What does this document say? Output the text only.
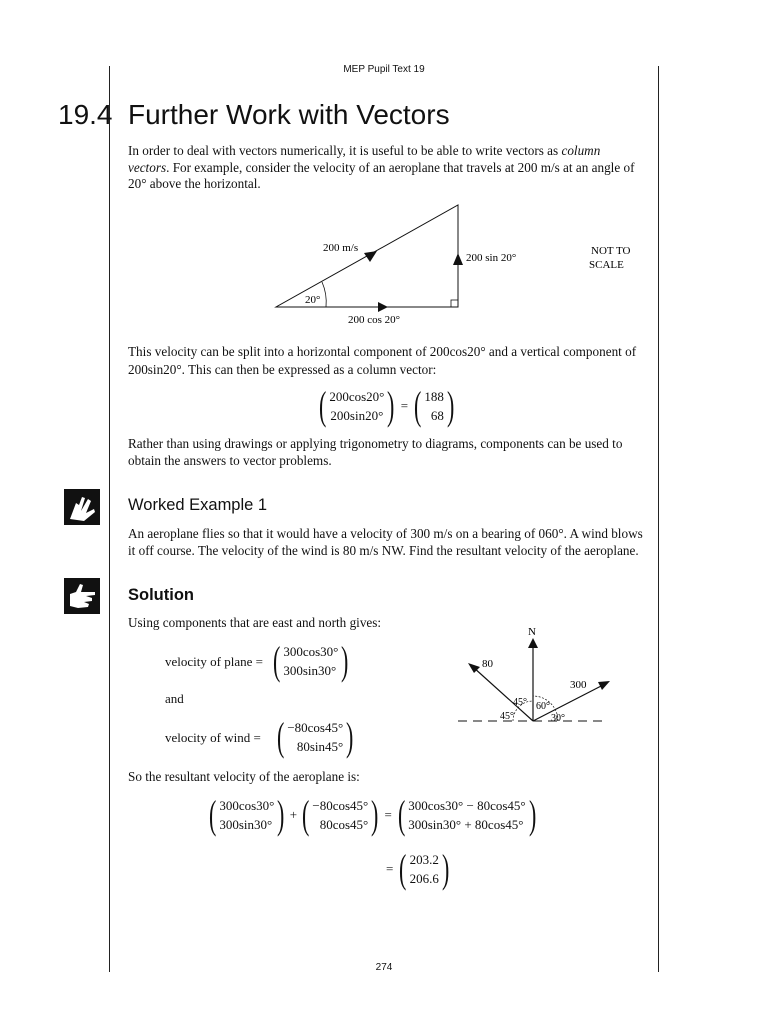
MEP Pupil Text 19
19.4 Further Work with Vectors
In order to deal with vectors numerically, it is useful to be able to write vectors as column vectors. For example, consider the velocity of an aeroplane that travels at 200 m/s at an angle of 20° above the horizontal.
200 m/s
200 sin 20°
200 cos 20°
20°
NOT TO
SCALE
This velocity can be split into a horizontal component of 200cos20° and a vertical component of 200sin20°. This can then be expressed as a column vector:
( 200cos20°
200sin20° ) = ( 188
68 )
Rather than using drawings or applying trigonometry to diagrams, components can be used to obtain the answers to vector problems.
Worked Example 1
An aeroplane flies so that it would have a velocity of 300 m/s on a bearing of 060°. A wind blows it off course. The velocity of the wind is 80 m/s NW. Find the resultant velocity of the aeroplane.
Solution
Using components that are east and north gives:
velocity of plane = ( 300cos30°
300sin30° )
and
velocity of wind = ( −80cos45°
80sin45° )
N
80
300
45°
45°
60°
30°
So the resultant velocity of the aeroplane is:
( 300cos30°
300sin30° ) + ( −80cos45°
80cos45° ) = ( 300cos30° − 80cos45°
300sin30° + 80cos45° )
= ( 203.2
206.6 )
274
